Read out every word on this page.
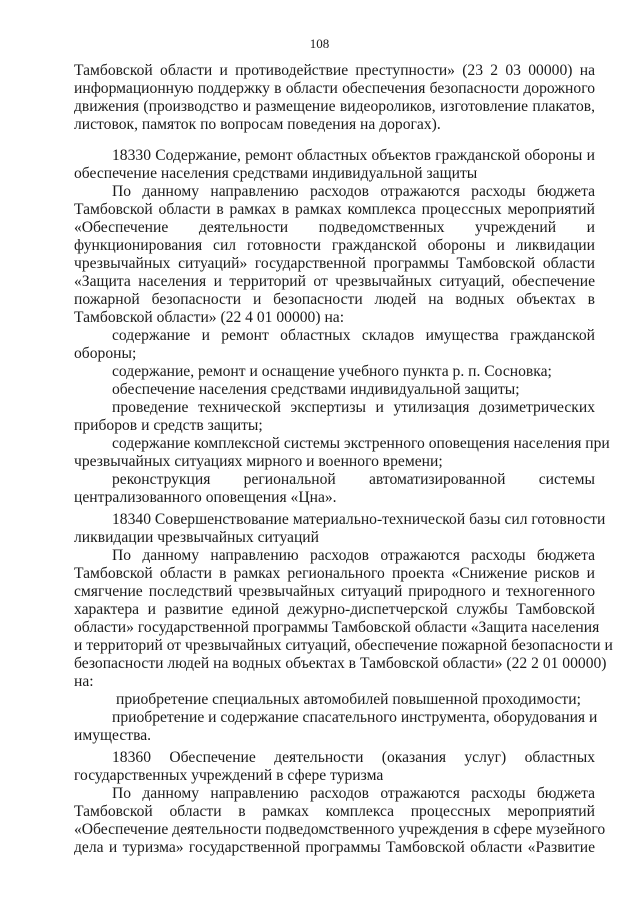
108
Тамбовской области и противодействие преступности» (23 2 03 00000) на
информационную поддержку в области обеспечения безопасности дорожного
движения (производство и размещение видеороликов, изготовление плакатов,
листовок, памяток по вопросам поведения на дорогах).
18330 Содержание, ремонт областных объектов гражданской обороны и
обеспечение населения средствами индивидуальной защиты
По данному направлению расходов отражаются расходы бюджета
Тамбовской области в рамках в рамках комплекса процессных мероприятий
«Обеспечение деятельности подведомственных учреждений и
функционирования сил готовности гражданской обороны и ликвидации
чрезвычайных ситуаций» государственной программы Тамбовской области
«Защита населения и территорий от чрезвычайных ситуаций, обеспечение
пожарной безопасности и безопасности людей на водных объектах в
Тамбовской области» (22 4 01 00000) на:
содержание и ремонт областных складов имущества гражданской
обороны;
содержание, ремонт и оснащение учебного пункта р. п. Сосновка;
обеспечение населения средствами индивидуальной защиты;
проведение технической экспертизы и утилизация дозиметрических
приборов и средств защиты;
содержание комплексной системы экстренного оповещения населения при
чрезвычайных ситуациях мирного и военного времени;
реконструкция региональной автоматизированной системы
централизованного оповещения «Цна».
18340 Совершенствование материально-технической базы сил готовности
ликвидации чрезвычайных ситуаций
По данному направлению расходов отражаются расходы бюджета
Тамбовской области в рамках регионального проекта «Снижение рисков и
смягчение последствий чрезвычайных ситуаций природного и техногенного
характера и развитие единой дежурно-диспетчерской службы Тамбовской
области» государственной программы Тамбовской области «Защита населения
и территорий от чрезвычайных ситуаций, обеспечение пожарной безопасности и
безопасности людей на водных объектах в Тамбовской области» (22 2 01 00000)
на:
приобретение специальных автомобилей повышенной проходимости;
приобретение и содержание спасательного инструмента, оборудования и
имущества.
18360 Обеспечение деятельности (оказания услуг) областных
государственных учреждений в сфере туризма
По данному направлению расходов отражаются расходы бюджета
Тамбовской области в рамках комплекса процессных мероприятий
«Обеспечение деятельности подведомственного учреждения в сфере музейного
дела и туризма» государственной программы Тамбовской области «Развитие
